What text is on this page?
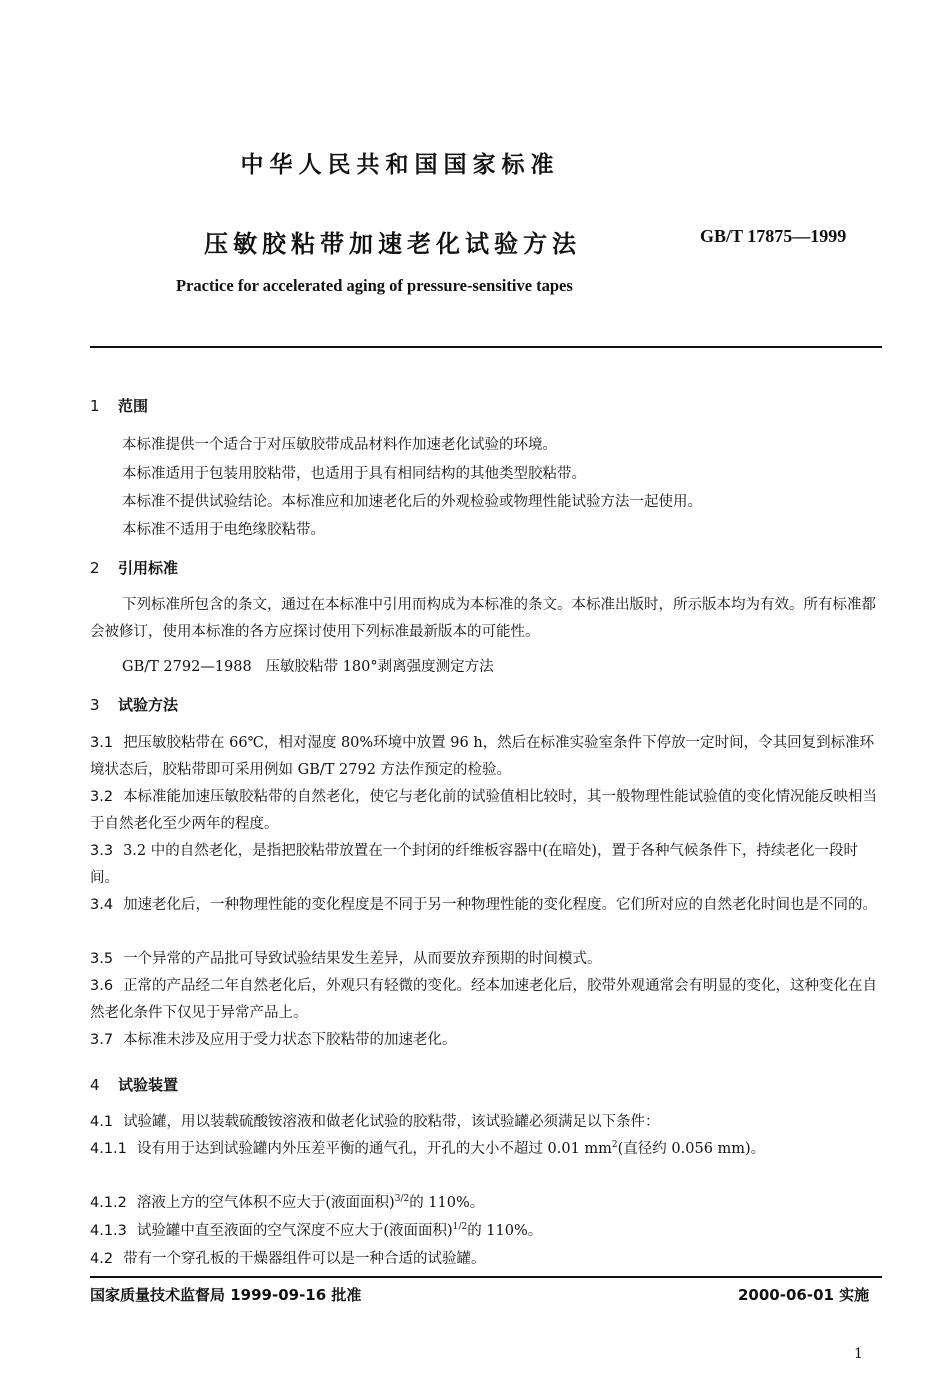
中华人民共和国国家标准
压敏胶粘带加速老化试验方法	GB/T 17875—1999
Practice for accelerated aging of pressure-sensitive tapes
1 范围
本标准提供一个适合于对压敏胶带成品材料作加速老化试验的环境。
本标准适用于包装用胶粘带，也适用于具有相同结构的其他类型胶粘带。
本标准不提供试验结论。本标准应和加速老化后的外观检验或物理性能试验方法一起使用。
本标准不适用于电绝缘胶粘带。
2 引用标准
下列标准所包含的条文，通过在本标准中引用而构成为本标准的条文。本标准出版时，所示版本均为有效。所有标准都会被修订，使用本标准的各方应探讨使用下列标准最新版本的可能性。
GB/T 2792—1988   压敏胶粘带 180°剥离强度测定方法
3 试验方法
3.1 把压敏胶粘带在 66℃，相对湿度 80%环境中放置 96 h，然后在标准实验室条件下停放一定时间，令其回复到标准环境状态后，胶粘带即可采用例如 GB/T 2792 方法作预定的检验。
3.2 本标准能加速压敏胶粘带的自然老化，使它与老化前的试验值相比较时，其一般物理性能试验值的变化情况能反映相当于自然老化至少两年的程度。
3.3 3.2 中的自然老化，是指把胶粘带放置在一个封闭的纤维板容器中(在暗处)，置于各种气候条件下，持续老化一段时间。
3.4 加速老化后，一种物理性能的变化程度是不同于另一种物理性能的变化程度。它们所对应的自然老化时间也是不同的。
3.5 一个异常的产品批可导致试验结果发生差异，从而要放弃预期的时间模式。
3.6 正常的产品经二年自然老化后，外观只有轻微的变化。经本加速老化后，胶带外观通常会有明显的变化，这种变化在自然老化条件下仅见于异常产品上。
3.7 本标准未涉及应用于受力状态下胶粘带的加速老化。
4 试验装置
4.1 试验罐，用以装载硫酸铵溶液和做老化试验的胶粘带，该试验罐必须满足以下条件：
4.1.1 设有用于达到试验罐内外压差平衡的通气孔，开孔的大小不超过 0.01 $mm^2$(直径约 0.056 mm)。
4.1.2 溶液上方的空气体积不应大于(液面面积)$^{3/2}$的 110%。
4.1.3 试验罐中直至液面的空气深度不应大于(液面面积)$^{1/2}$的 110%。
4.2 带有一个穿孔板的干燥器组件可以是一种合适的试验罐。
国家质量技术监督局 1999-09-16 批准	2000-06-01 实施
1
